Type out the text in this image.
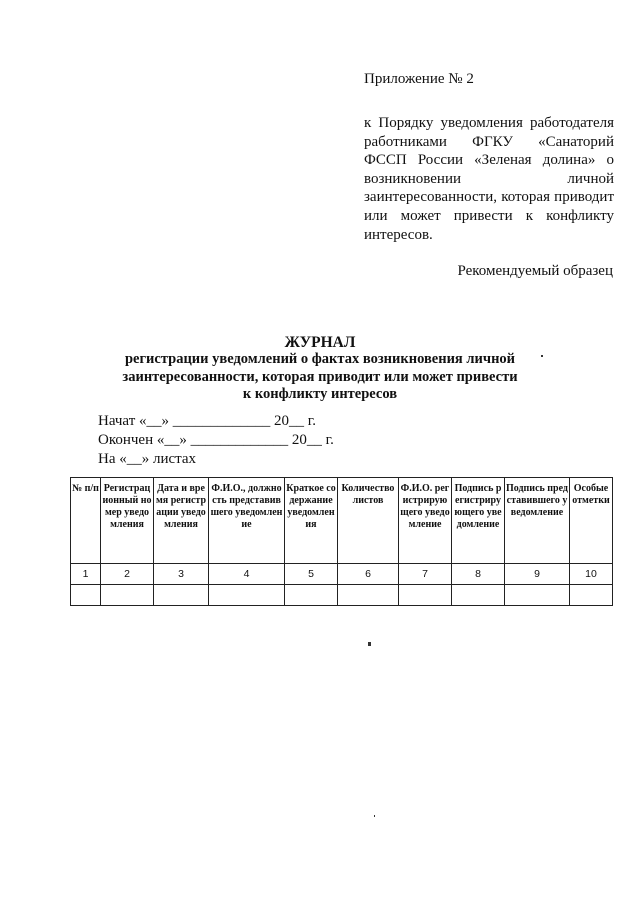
Приложение № 2

к Порядку уведомления работодателя работниками ФГКУ «Санаторий ФССП России «Зеленая долина» о возникновении личной заинтересованности, которая приводит или может привести к конфликту интересов.

Рекомендуемый образец
ЖУРНАЛ
регистрации уведомлений о фактах возникновения личной заинтересованности, которая приводит или может привести к конфликту интересов
Начат «__» _____________ 20__ г.
Окончен «__» _____________ 20__ г.
На «__» листах
№ п/п	Регистрационный номер уведомления	Дата и время регистрации уведомления	Ф.И.О., должность представившего уведомление	Краткое содержание уведомления	Количество листов	Ф.И.О. регистрирующего уведомление	Подпись регистрирующего уведомление	Подпись представившего уведомление	Особые отметки
1	2	3	4	5	6	7	8	9	10
